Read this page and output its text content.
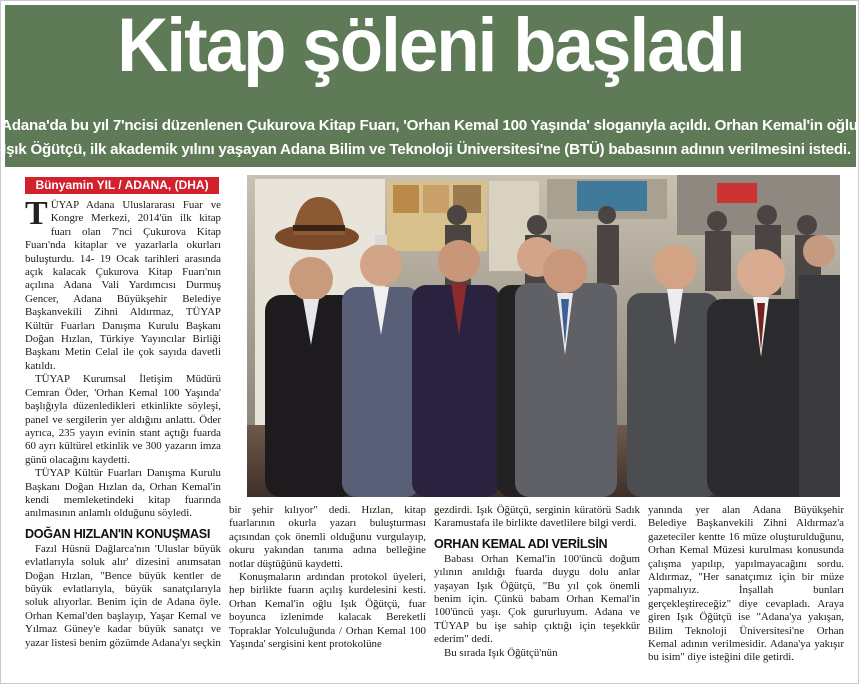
Kitap şöleni başladı
Adana'da bu yıl 7'ncisi düzenlenen Çukurova Kitap Fuarı, 'Orhan Kemal 100 Yaşında' sloganıyla açıldı. Orhan Kemal'in oğlu
Işık Öğütçü, ilk akademik yılını yaşayan Adana Bilim ve Teknoloji Üniversitesi'ne (BTÜ) babasının adının verilmesini istedi.
Bünyamin YIL / ADANA, (DHA)

TÜYAP Adana Uluslararası Fuar ve Kongre Merkezi, 2014'ün ilk kitap fuarı olan 7'nci Çukurova Kitap Fuarı'nda kitaplar ve yazarlarla okurları buluşturdu. 14- 19 Ocak tarihleri arasında açık kalacak Çukurova Kitap Fuarı'nın açılına Adana Vali Yardımcısı Durmuş Gencer, Adana Büyükşehir Belediye Başkanvekili Zihni Aldırmaz, TÜYAP Kültür Fuarları Danışma Kurulu Başkanı Doğan Hızlan, Türkiye Yayıncılar Birliği Başkanı Metin Celal ile çok sayıda davetli katıldı.

TÜYAP Kurumsal İletişim Müdürü Cemran Öder, 'Orhan Kemal 100 Yaşında' başlığıyla düzenledikleri etkinlikte söyleşi, panel ve sergilerin yer aldığını anlattı. Öder ayrıca, 235 yayın evinin stant açtığı fuarda 60 ayrı kültürel etkinlik ve 300 yazarın imza günü olacağını kaydetti.

TÜYAP Kültür Fuarları Danışma Kurulu Başkanı Doğan Hızlan da, Orhan Kemal'in kendi memleketindeki kitap fuarında anılmasının anlamlı olduğunu söyledi.

DOĞAN HIZLAN'IN KONUŞMASI

Fazıl Hüsnü Dağlarca'nın 'Uluslar büyük evlatlarıyla soluk alır' dizesini anımsatan Doğan Hızlan, "Bence büyük kentler de büyük evlatlarıyla, büyük sanatçılarıyla soluk alıyorlar. Benim için de Adana öyle. Orhan Kemal'den başlayıp, Yaşar Kemal ve Yılmaz Güney'e kadar büyük sanatçı ve yazar listesi benim gözümde Adana'yı seçkin

bir şehir kılıyor" dedi. Hızlan, kitap fuarlarının okurla yazarı buluşturması açısından çok önemli olduğunu vurgulayıp, okuru yakından tanıma adına belleğine notlar düştüğünü kaydetti.

Konuşmaların ardından protokol üyeleri, hep birlikte fuarın açılış kurdelesini kesti. Orhan Kemal'in oğlu Işık Öğütçü, fuar boyunca izlenimde kalacak Bereketli Topraklar Yolculuğunda / Orhan Kemal 100 Yaşında' sergisini kent protokolüne

gezdirdi. Işık Öğütçü, serginin küratörü Sadık Karamustafa ile birlikte davetlilere bilgi verdi.

ORHAN KEMAL ADI VERİLSİN

Babası Orhan Kemal'in 100'üncü doğum yılının anıldığı fuarda duygu dolu anlar yaşayan Işık Öğütçü, "Bu yıl çok önemli benim için. Çünkü babam Orhan Kemal'in 100'üncü yaşı. Çok gururluyum. Adana ve TÜYAP bu işe sahip çıktığı için teşekkür ederim" dedi.

Bu sırada Işık Öğütçü'nün

yanında yer alan Adana Büyükşehir Belediye Başkanvekili Zihni Aldırmaz'a gazeteciler kentte 16 müze oluşturulduğunu, Orhan Kemal Müzesi kurulması konusunda çalışma yapılıp, yapılmayacağını sordu. Aldırmaz, "Her sanatçımız için bir müze yapmalıyız. İnşallah bunları gerçekleştireceğiz" diye cevapladı. Araya giren Işık Öğütçü ise "Adana'ya yakışan, Bilim Teknoloji Üniversitesi'ne Orhan Kemal adının verilmesidir. Adana'ya yakışır bu isim" diye isteğini dile getirdi.
